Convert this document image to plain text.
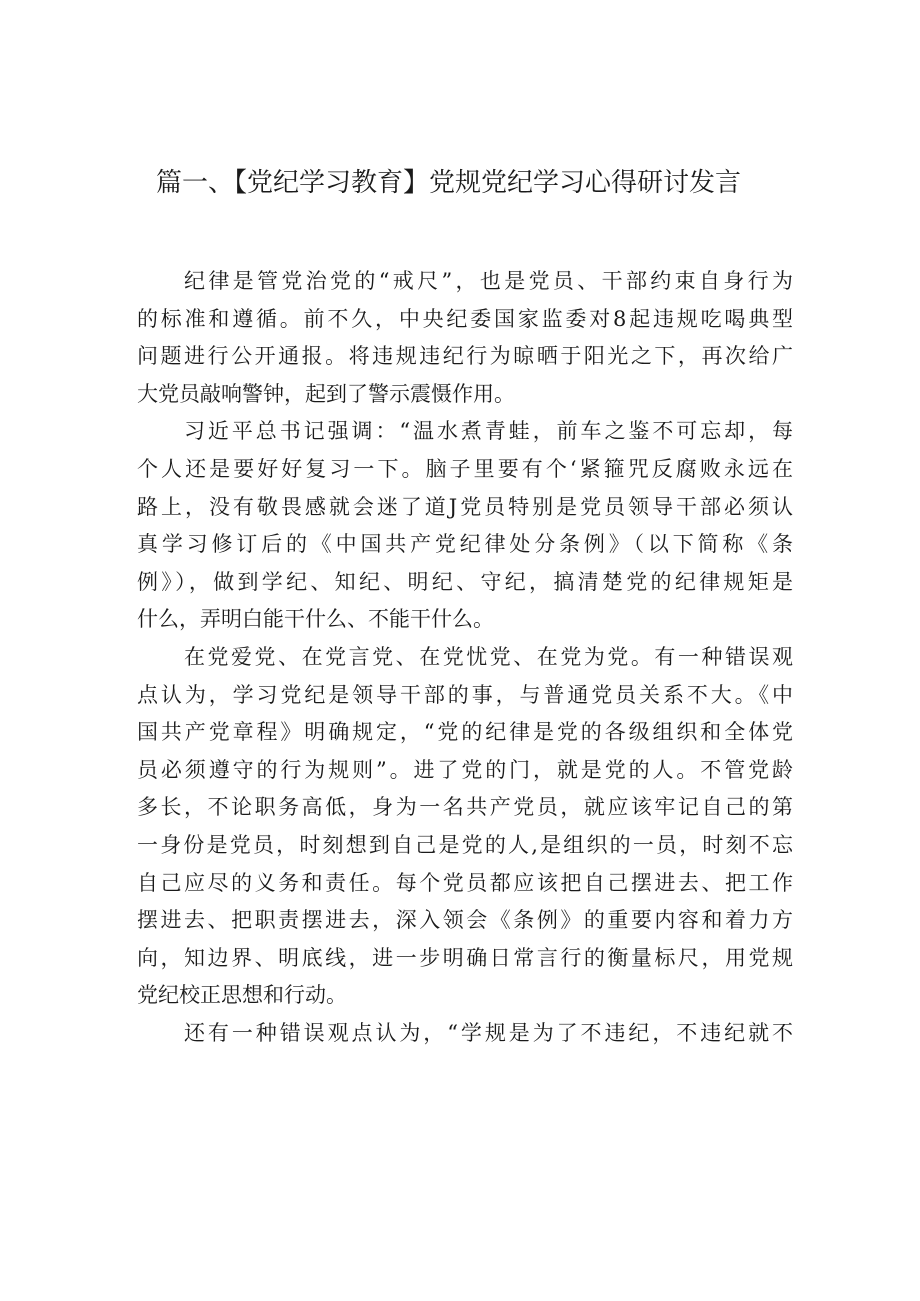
篇一、【党纪学习教育】党规党纪学习心得研讨发言

纪律是管党治党的“戒尺”，也是党员、干部约束自身行为
的标准和遵循。前不久，中央纪委国家监委对8起违规吃喝典型
问题进行公开通报。将违规违纪行为晾晒于阳光之下，再次给广
大党员敲响警钟，起到了警示震慑作用。

习近平总书记强调：“温水煮青蛙，前车之鉴不可忘却，每
个人还是要好好复习一下。脑子里要有个‘紧箍咒反腐败永远在
路上，没有敬畏感就会迷了道J党员特别是党员领导干部必须认
真学习修订后的《中国共产党纪律处分条例》（以下简称《条
例》），做到学纪、知纪、明纪、守纪，搞清楚党的纪律规矩是
什么，弄明白能干什么、不能干什么。

在党爱党、在党言党、在党忧党、在党为党。有一种错误观
点认为，学习党纪是领导干部的事，与普通党员关系不大。《中
国共产党章程》明确规定，“党的纪律是党的各级组织和全体党
员必须遵守的行为规则”。进了党的门，就是党的人。不管党龄
多长，不论职务高低，身为一名共产党员，就应该牢记自己的第
一身份是党员，时刻想到自己是党的人,是组织的一员，时刻不忘
自己应尽的义务和责任。每个党员都应该把自己摆进去、把工作
摆进去、把职责摆进去，深入领会《条例》的重要内容和着力方
向，知边界、明底线，进一步明确日常言行的衡量标尺，用党规
党纪校正思想和行动。

还有一种错误观点认为，“学规是为了不违纪，不违纪就不
